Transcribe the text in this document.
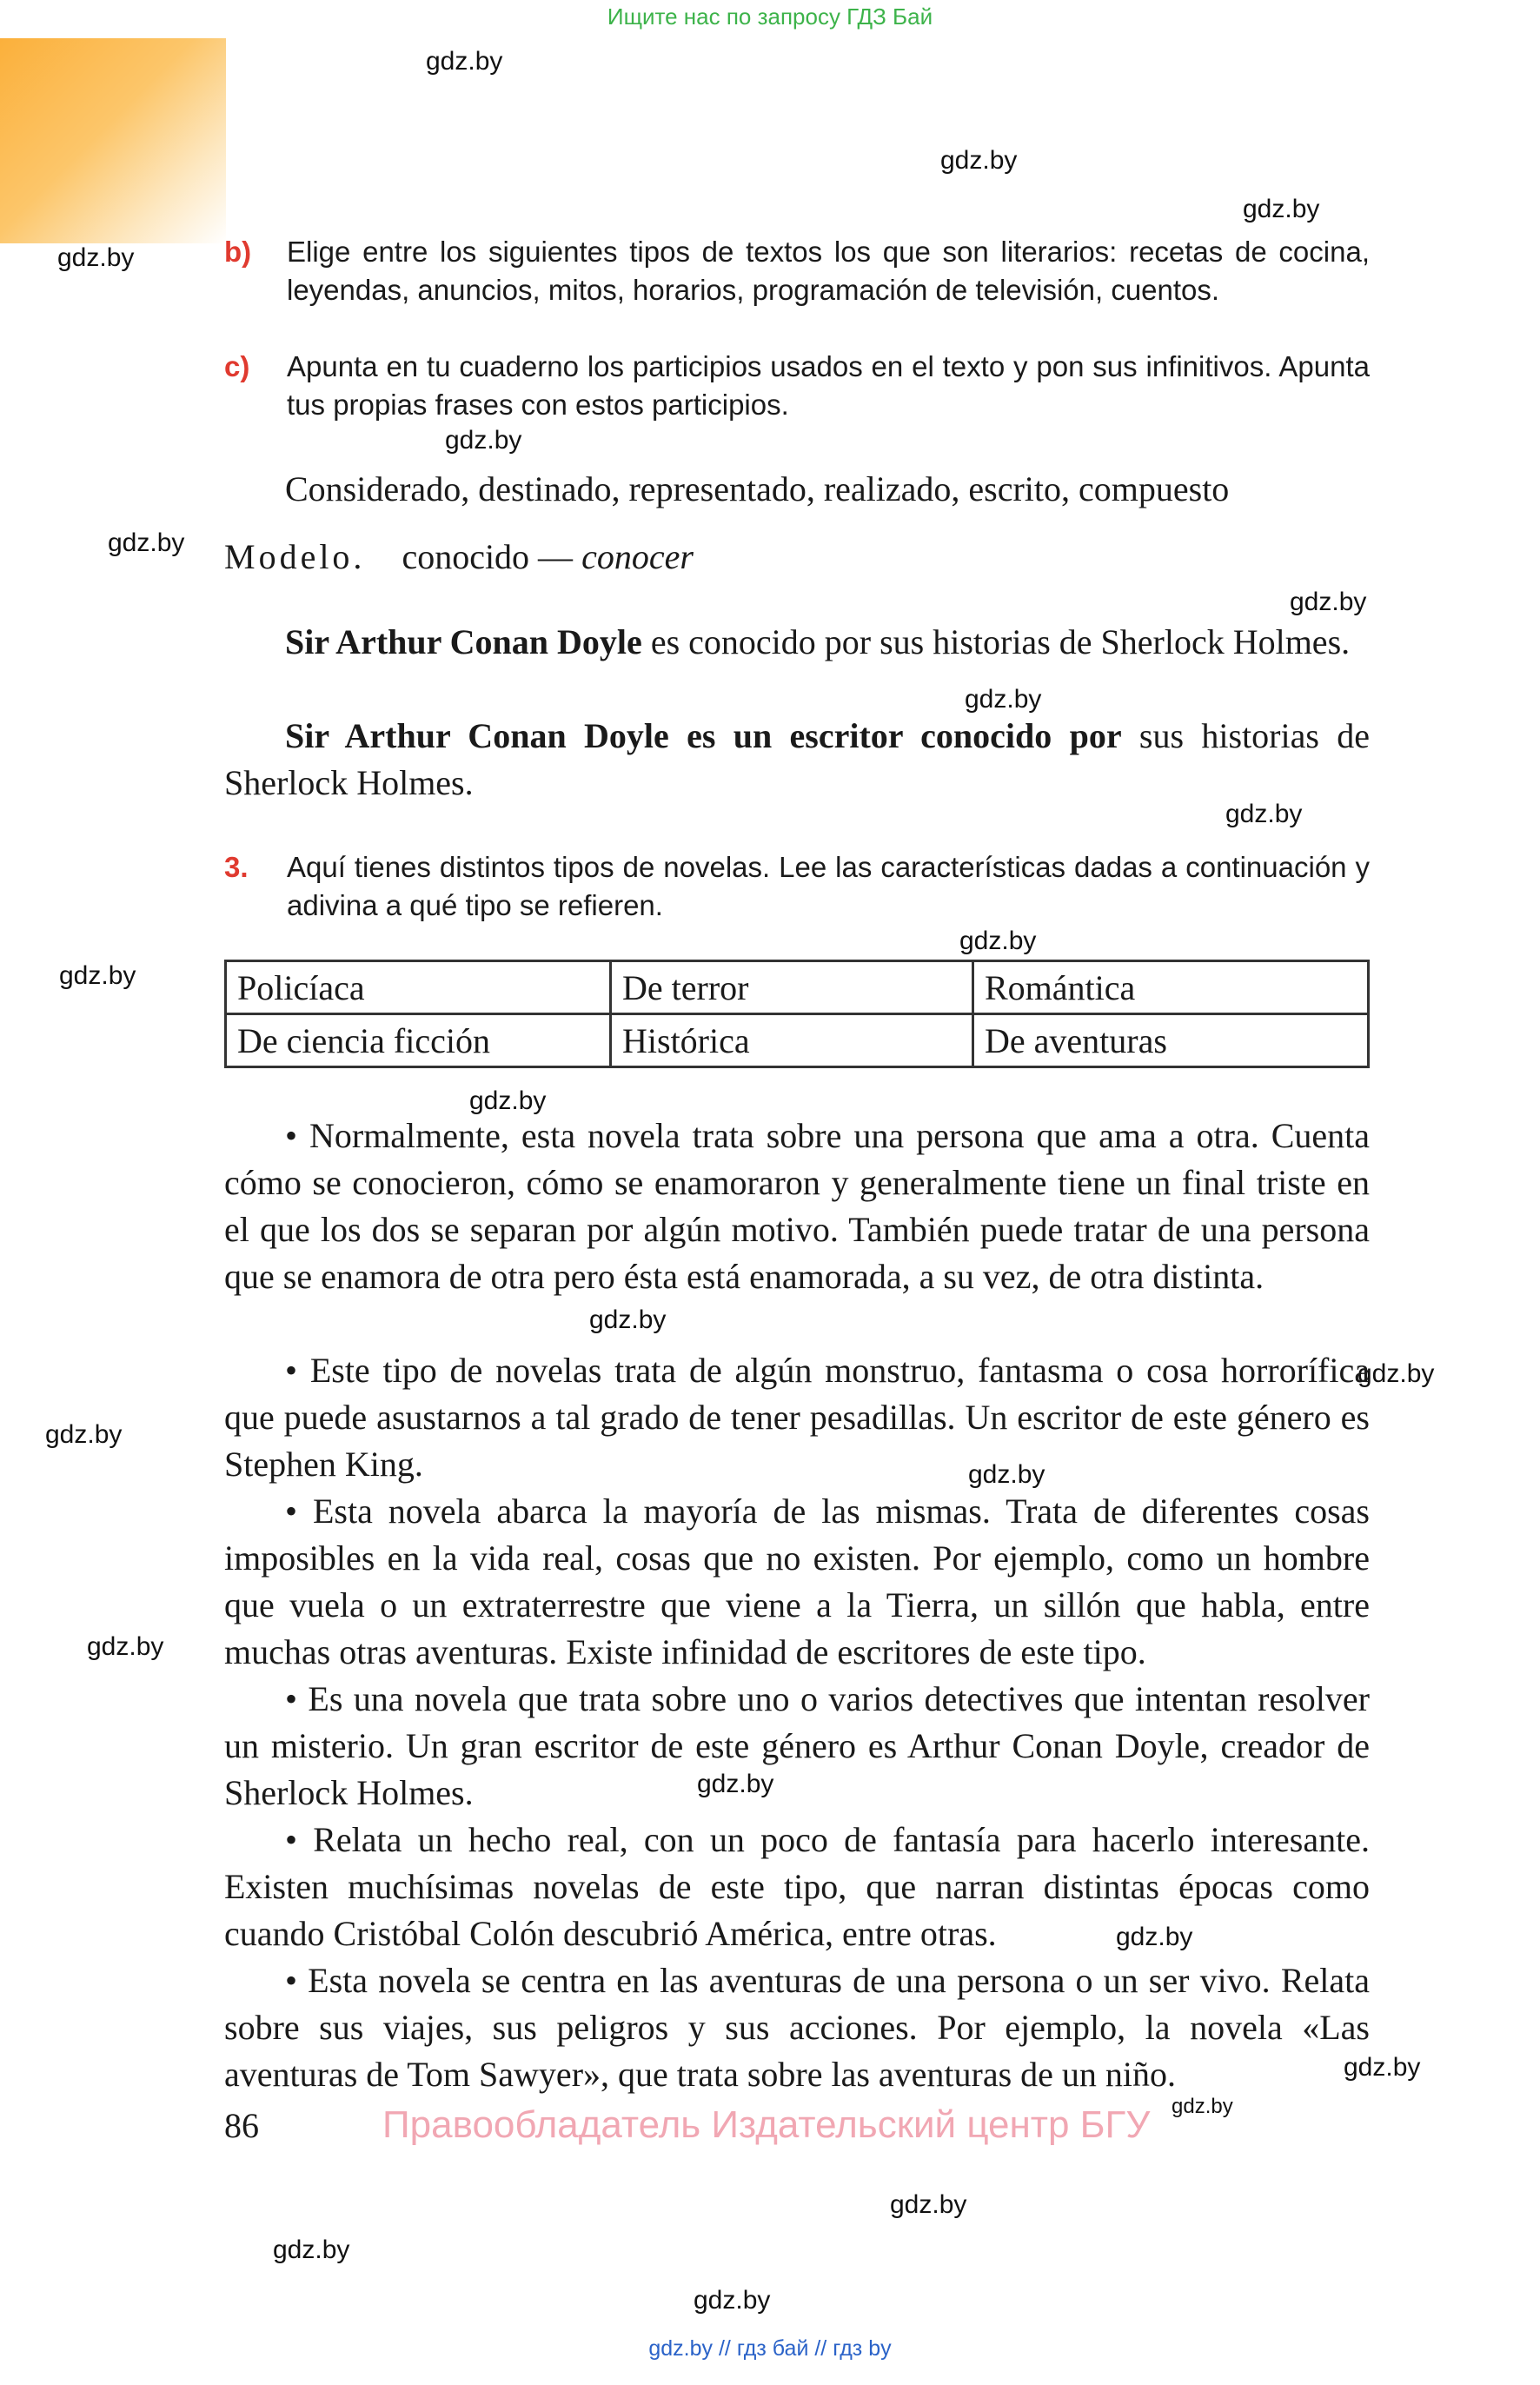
Ищите нас по запросу ГДЗ Бай
gdz.by
gdz.by
gdz.by
gdz.by
gdz.by
gdz.by
gdz.by
gdz.by
gdz.by
gdz.by
gdz.by
gdz.by
gdz.by
gdz.by
gdz.by
gdz.by
gdz.by
gdz.by
gdz.by
gdz.by
gdz.by
gdz.by
gdz.by
gdz.by
b) Elige entre los siguientes tipos de textos los que son literarios: recetas de cocina, leyendas, anuncios, mitos, horarios, programación de televisión, cuentos.
c) Apunta en tu cuaderno los participios usados en el texto y pon sus infinitivos. Apunta tus propias frases con estos participios.
Considerado, destinado, representado, realizado, escrito, compuesto
Modelo. conocido — conocer
Sir Arthur Conan Doyle es conocido por sus historias de Sherlock Holmes.
Sir Arthur Conan Doyle es un escritor conocido por sus historias de Sherlock Holmes.
3. Aquí tienes distintos tipos de novelas. Lee las características dadas a continuación y adivina a qué tipo se refieren.
Policíaca	De terror	Romántica
De ciencia ficción	Histórica	De aventuras
• Normalmente, esta novela trata sobre una persona que ama a otra. Cuenta cómo se conocieron, cómo se enamoraron y generalmente tiene un final triste en el que los dos se separan por algún motivo. También puede tratar de una persona que se enamora de otra pero ésta está enamorada, a su vez, de otra distinta.
• Este tipo de novelas trata de algún monstruo, fantasma o cosa horrorífica que puede asustarnos a tal grado de tener pesadillas. Un escritor de este género es Stephen King.
• Esta novela abarca la mayoría de las mismas. Trata de diferentes cosas imposibles en la vida real, cosas que no existen. Por ejemplo, como un hombre que vuela o un extraterrestre que viene a la Tierra, un sillón que habla, entre muchas otras aventuras. Existe infinidad de escritores de este tipo.
• Es una novela que trata sobre uno o varios detectives que intentan resolver un misterio. Un gran escritor de este género es Arthur Conan Doyle, creador de Sherlock Holmes.
• Relata un hecho real, con un poco de fantasía para hacerlo interesante. Existen muchísimas novelas de este tipo, que narran distintas épocas como cuando Cristóbal Colón descubrió América, entre otras.
• Esta novela se centra en las aventuras de una persona o un ser vivo. Relata sobre sus viajes, sus peligros y sus acciones. Por ejemplo, la novela «Las aventuras de Tom Sawyer», que trata sobre las aventuras de un niño.
86	Правообладатель Издательский центр БГУ
gdz.by // гдз бай // гдз by
